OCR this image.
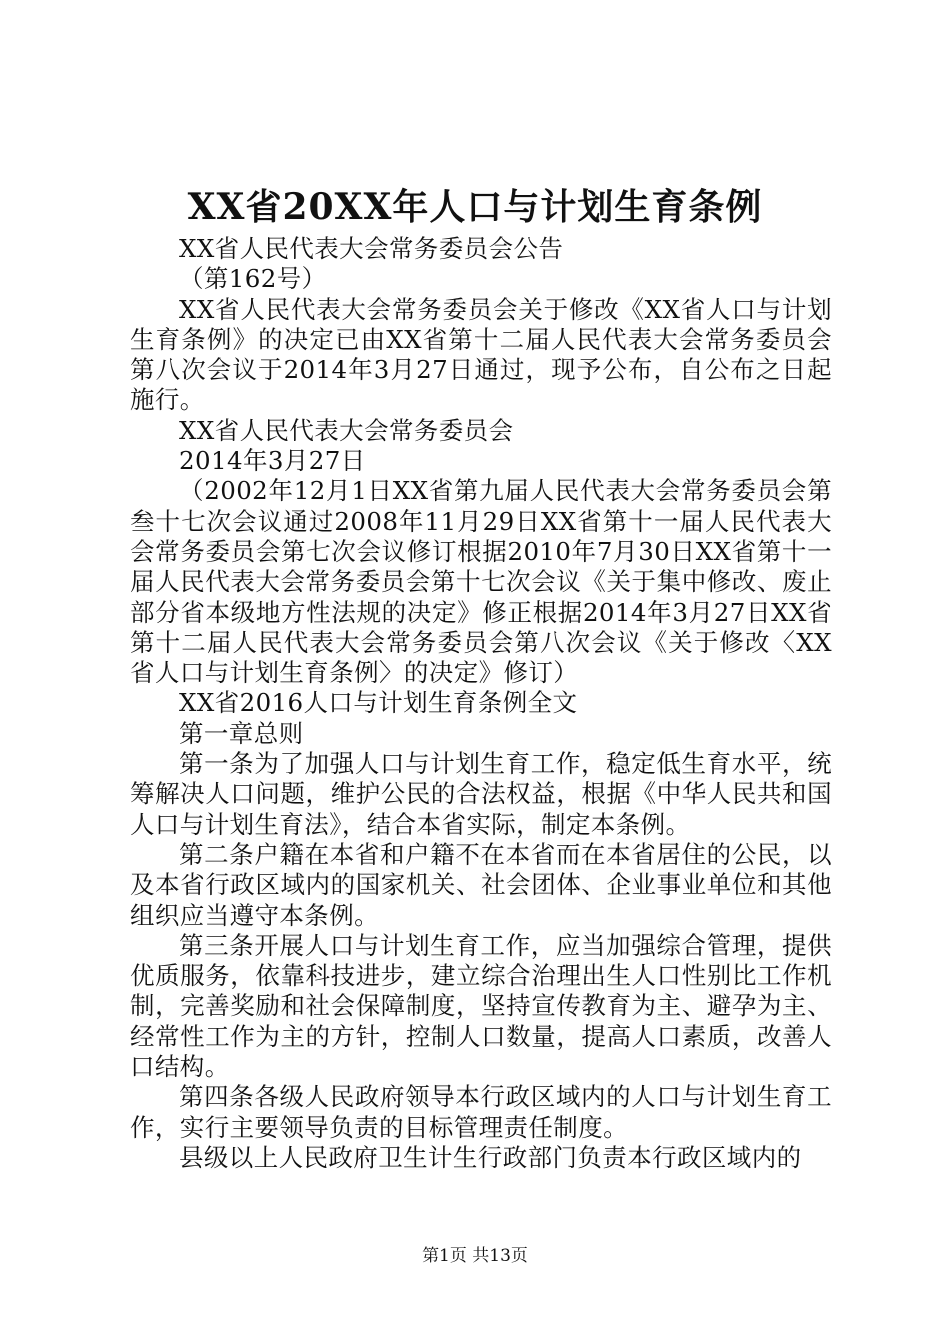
XX省20XX年人口与计划生育条例

XX省人民代表大会常务委员会公告

（第162号）

XX省人民代表大会常务委员会关于修改《XX省人口与计划生育条例》的决定已由XX省第十二届人民代表大会常务委员会第八次会议于2014年3月27日通过，现予公布，自公布之日起施行。

XX省人民代表大会常务委员会

2014年3月27日

（2002年12月1日XX省第九届人民代表大会常务委员会第叁十七次会议通过2008年11月29日XX省第十一届人民代表大会常务委员会第七次会议修订根据2010年7月30日XX省第十一届人民代表大会常务委员会第十七次会议《关于集中修改、废止部分省本级地方性法规的决定》修正根据2014年3月27日XX省第十二届人民代表大会常务委员会第八次会议《关于修改〈XX省人口与计划生育条例〉的决定》修订）

XX省2016人口与计划生育条例全文

第一章总则

第一条为了加强人口与计划生育工作，稳定低生育水平，统筹解决人口问题，维护公民的合法权益，根据《中华人民共和国人口与计划生育法》，结合本省实际，制定本条例。

第二条户籍在本省和户籍不在本省而在本省居住的公民，以及本省行政区域内的国家机关、社会团体、企业事业单位和其他组织应当遵守本条例。

第三条开展人口与计划生育工作，应当加强综合管理，提供优质服务，依靠科技进步，建立综合治理出生人口性别比工作机制，完善奖励和社会保障制度，坚持宣传教育为主、避孕为主、经常性工作为主的方针，控制人口数量，提高人口素质，改善人口结构。

第四条各级人民政府领导本行政区域内的人口与计划生育工作，实行主要领导负责的目标管理责任制度。

县级以上人民政府卫生计生行政部门负责本行政区域内的

第1页 共13页
